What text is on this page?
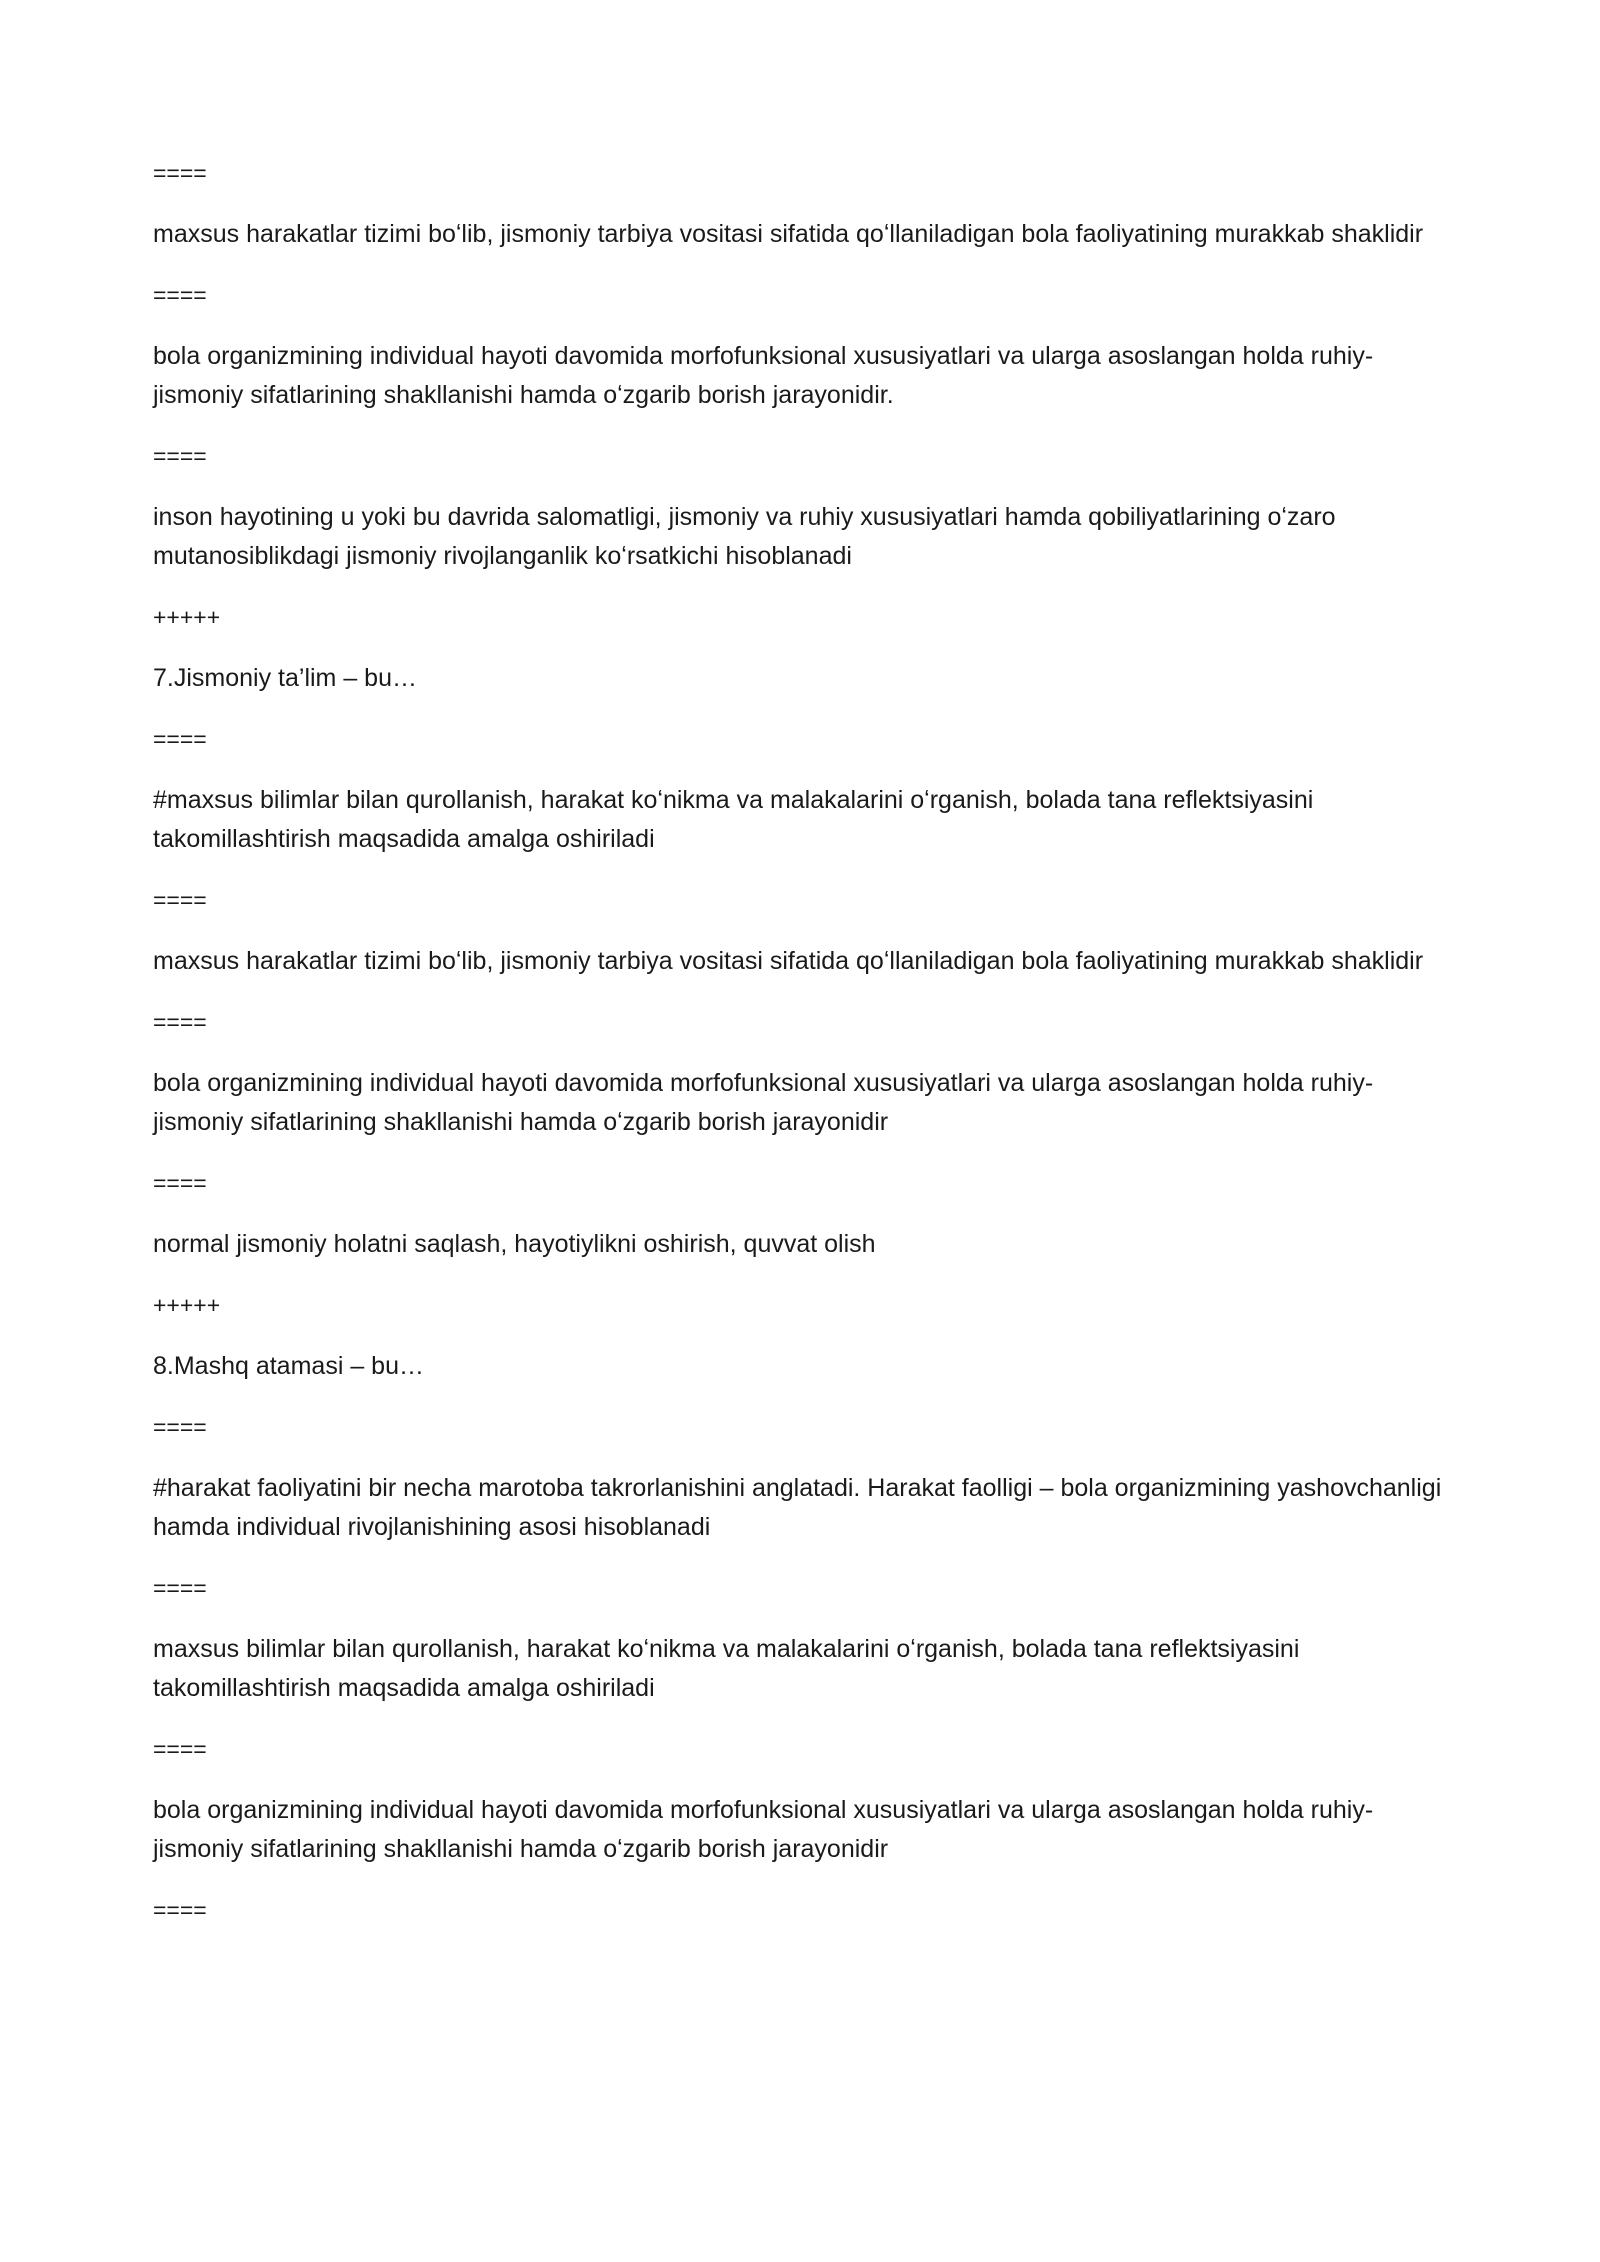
====
maxsus harakatlar tizimi boʻlib, jismoniy tarbiya vositasi sifatida qoʻllaniladigan bola faoliyatining murakkab shaklidir
====
bola organizmining individual hayoti davomida morfofunksional xususiyatlari va ularga asoslangan holda ruhiy-jismoniy sifatlarining shakllanishi hamda oʻzgarib borish jarayonidir.
====
inson hayotining u yoki bu davrida salomatligi, jismoniy va ruhiy xususiyatlari hamda qobiliyatlarining oʻzaro mutanosiblikdagi jismoniy rivojlanganlik koʻrsatkichi hisoblanadi
+++++
7.Jismoniy ta’lim – bu…
====
#maxsus bilimlar bilan qurollanish, harakat koʻnikma va malakalarini oʻrganish, bolada tana reflektsiyasini takomillashtirish maqsadida amalga oshiriladi
====
maxsus harakatlar tizimi boʻlib, jismoniy tarbiya vositasi sifatida qoʻllaniladigan bola faoliyatining murakkab shaklidir
====
bola organizmining individual hayoti davomida morfofunksional xususiyatlari va ularga asoslangan holda ruhiy-jismoniy sifatlarining shakllanishi hamda oʻzgarib borish jarayonidir
====
normal jismoniy holatni saqlash, hayotiylikni oshirish, quvvat olish
+++++
8.Mashq atamasi – bu…
====
#harakat faoliyatini bir necha marotoba takrorlanishini anglatadi. Harakat faolligi – bola organizmining yashovchanligi hamda individual rivojlanishining asosi hisoblanadi
====
maxsus bilimlar bilan qurollanish, harakat koʻnikma va malakalarini oʻrganish, bolada tana reflektsiyasini takomillashtirish maqsadida amalga oshiriladi
====
bola organizmining individual hayoti davomida morfofunksional xususiyatlari va ularga asoslangan holda ruhiy-jismoniy sifatlarining shakllanishi hamda oʻzgarib borish jarayonidir
====
